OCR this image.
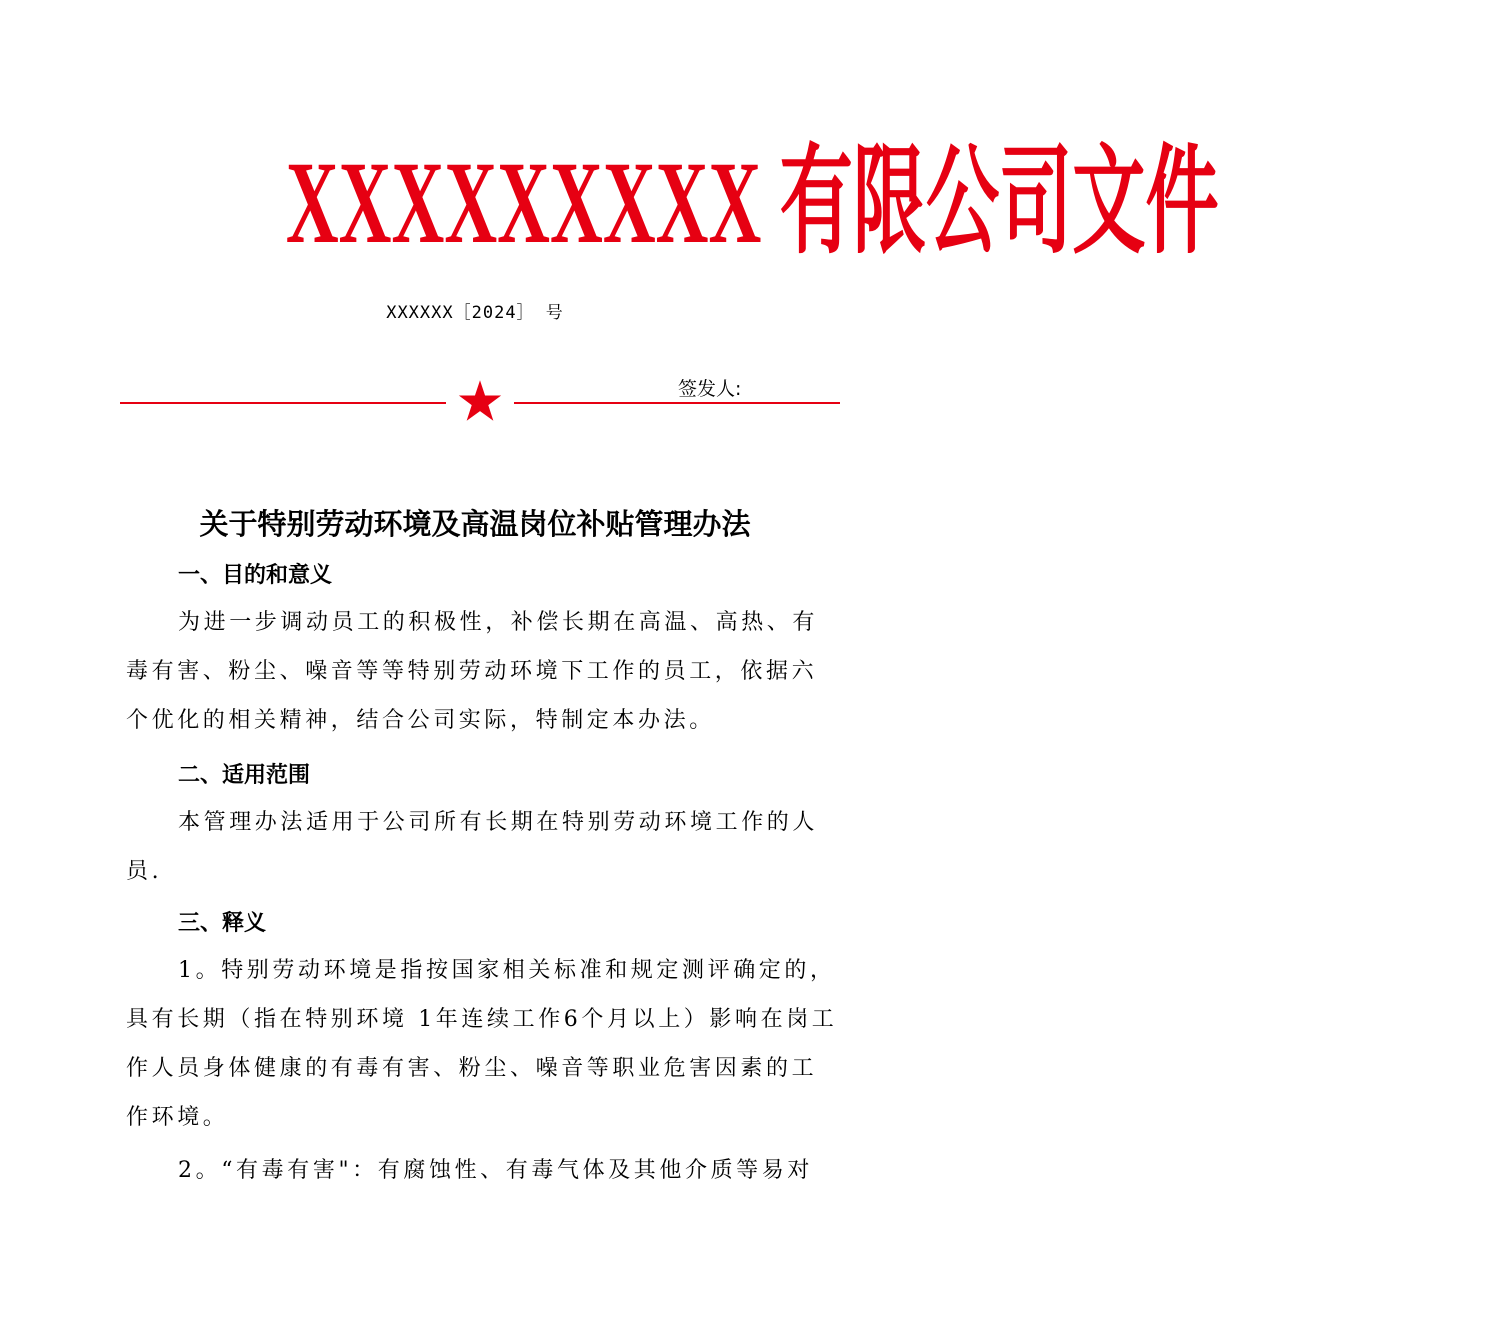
XXXXXXXXX 有限公司文件
XXXXXX［2024］ 号
签发人:
关于特别劳动环境及高温岗位补贴管理办法
一、目的和意义
为进一步调动员工的积极性，补偿长期在高温、高热、有毒有害、粉尘、噪音等等特别劳动环境下工作的员工，依据六个优化的相关精神，结合公司实际，特制定本办法。
二、适用范围
本管理办法适用于公司所有长期在特别劳动环境工作的人员.
三、释义
1。特别劳动环境是指按国家相关标准和规定测评确定的，具有长期（指在特别环境 1年连续工作6个月以上）影响在岗工作人员身体健康的有毒有害、粉尘、噪音等职业危害因素的工作环境。
2。“有毒有害"：有腐蚀性、有毒气体及其他介质等易对
